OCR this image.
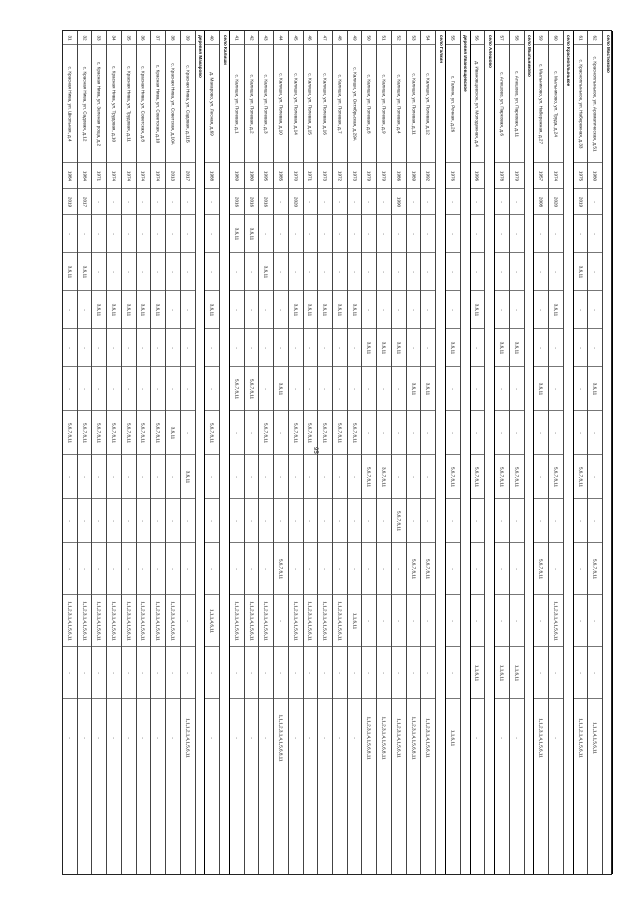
95
31
с. Красная Нива, ул. Школьная, д.4
1984
2019
-
3,6,11
-
-
-
5,6,7,8,11
-
-
-
1,1,2,3,1,4,1,5,6,11
-
-
32
с. Красная Нива, ул. Садовая, д.12
1984
2017
-
3,6,11
-
-
-
5,6,7,8,11
-
-
-
1,1,2,3,1,4,1,5,6,11
-
-
33
с. Красная Нива, ул. Зеленая роща, д.2
1971
-
-
-
3,6,11
-
-
5,6,7,8,11
-
-
-
1,1,2,3,1,4,1,5,6,11
-
-
34
с. Красная Нива, ул. Трудовая, д.10
1974
-
-
-
3,6,11
-
-
5,6,7,8,11
-
-
-
1,1,2,3,1,4,1,5,6,11
-
-
35
с. Красная Нива, ул. Трудовая, д.11
1974
-
-
-
3,6,11
-
-
5,6,7,8,11
-
-
-
1,1,2,3,1,4,1,5,6,11
-
-
36
с. Красная Нива, ул. Советская, д.8
1974
-
-
-
3,6,11
-
-
5,6,7,8,11
-
-
-
1,1,2,3,1,4,1,5,6,11
-
-
37
с. Красная Нива, ул. Советская, д.10
1974
-
-
-
3,6,11
-
-
5,6,7,8,11
-
-
-
1,1,2,3,1,4,1,5,6,11
-
-
38
с. Красная Нива, ул. Советская, д.10А
2013
-
-
-
-
-
-
3,6,11
-
-
-
1,1,2,3,1,4,1,5,6,11
-
-
39
с. Красная Нива, ул. Садовая, д.11Б
2017
-
-
-
-
-
-
-
3,6,11
-
-
-
-
1,1,1,2,1,4,1,5,6,11
деревня Макарово 40
д. Макарово, ул. Лесная, д.69
1988
-
-
-
3,6,11
-
-
5,6,7,8,11
-
-
-
1,1,1,4,6,11
-
-
село Калиши 41
с. Калиши, ул. Полевая, д.1
1989
2016
3,6,11
-
-
-
5,6,7,8,11
-
-
-
-
1,1,2,3,1,4,1,5,6,11
-
-
42
с. Калиши, ул. Полевая, д.2
1980
2016
3,6,11
-
-
-
5,6,7,8,11
-
-
-
-
1,1,2,3,1,4,1,5,6,11
-
-
43
с. Калиши, ул. Полевая, д.3
1995
2016
-
3,6,11
-
-
-
5,6,7,8,11
-
-
-
1,1,2,3,1,4,1,5,6,11
-
-
44
с. Калиши, ул. Полевая, д.10
1985
-
-
-
-
-
3,6,11
-
-
-
5,6,7,8,11
-
-
1,1,1,2,3,1,4,1,5,6,8,11
45
с. Калиши, ул. Полевая, д.14
1970
2020
-
-
3,6,11
-
-
5,6,7,8,11
-
-
-
1,1,2,3,1,4,1,5,6,11
-
-
46
с. Калиши, ул. Полевая, д.15
1971
-
-
-
3,6,11
-
-
5,6,7,8,11
-
-
-
1,1,2,3,1,4,1,5,6,11
-
-
47
с. Калиши, ул. Полевая, д.16
1973
-
-
-
3,6,11
-
-
5,6,7,8,11
-
-
-
1,1,2,3,1,4,1,5,6,11
-
-
48
с. Калиши, ул. Полевая, д.7
1972
-
-
-
3,6,11
-
-
5,6,7,8,11
-
-
-
1,1,2,3,1,4,1,5,6,11
-
-
49
с. Калиши, ул. Октябрьская, д.29А
1973
-
-
-
3,6,11
-
-
5,6,7,8,11
-
-
-
1,1,6,11
-
-
50
с. Калиши, ул. Полевая, д.8
1979
-
-
-
-
3,6,11
-
-
5,6,7,8,11
-
-
-
-
1,1,2,3,1,4,1,5,6,8,11
51
с. Калиши, ул. Полевая, д.9
1979
-
-
-
-
3,6,11
-
-
3,6,7,8,11
-
-
-
-
1,1,2,3,1,4,1,5,6,8,11
52
с. Калиши, ул. Полевая, д.4
1986
1990
-
-
-
3,6,11
-
-
-
5,6,7,8,11
-
-
-
1,1,2,3,1,4,1,5,6,11
53
с. Калиши, ул. Полевая, д.11
1989
-
-
-
-
-
3,6,11
-
-
-
5,6,7,8,11
-
-
1,1,2,3,1,4,1,5,6,8,11
54
с. Калиши, ул. Полевая, д.12
1992
-
-
-
-
-
3,6,11
-
-
-
5,6,7,8,11
-
-
1,1,2,3,1,4,1,5,6,11
село Галкин 55
с. Галкин, ул. Речная, д.26
1976
-
-
-
-
3,6,11
-
-
5,6,7,8,11
-
-
-
-
1,1,6,11
деревня Ивановщевское 56
д. Ивановщевское, ул. Молодежная, д.4
1996
-
-
-
3,6,11
-
-
-
5,6,7,8,11
-
-
-
1,1,6,11
-
село Алешово 57
с. Алешово, ул. Парковая, д.6
1978
-
-
-
-
3,6,11
-
-
5,6,7,8,11
-
-
-
1,1,6,11
-
58
с. Алешово, ул. Парковая, д.11
1979
-
-
-
-
3,6,11
-
-
5,6,7,8,11
-
-
-
1,1,6,11
-
село Мыльниково 59
с. Мыльниково, ул. Набережная, д.27
1957
2008
-
-
-
-
3,6,11
-
-
-
5,6,7,8,11
-
-
1,1,2,3,1,4,1,5,6,11
60
с. Мыльниково, ул. Труда, д.24
1974
2020
-
-
3,6,11
-
-
-
5,6,7,8,11
-
-
1,1,2,3,1,4,1,5,6,11
-
-
село Красноплынькое 61
с. Красноплынькое, ул. Набережная, д.33
1975
2019
-
3,6,11
-
-
-
-
5,6,7,8,11
-
-
-
-
1,1,1,2,1,4,1,5,6,11
62
с. Красноплынькое, ул. Ароматическая, д.51
1980
-
-
-
-
-
3,6,11
-
-
-
5,6,7,8,11
-
-
1,1,1,4,1,5,6,11
село Мастюково
